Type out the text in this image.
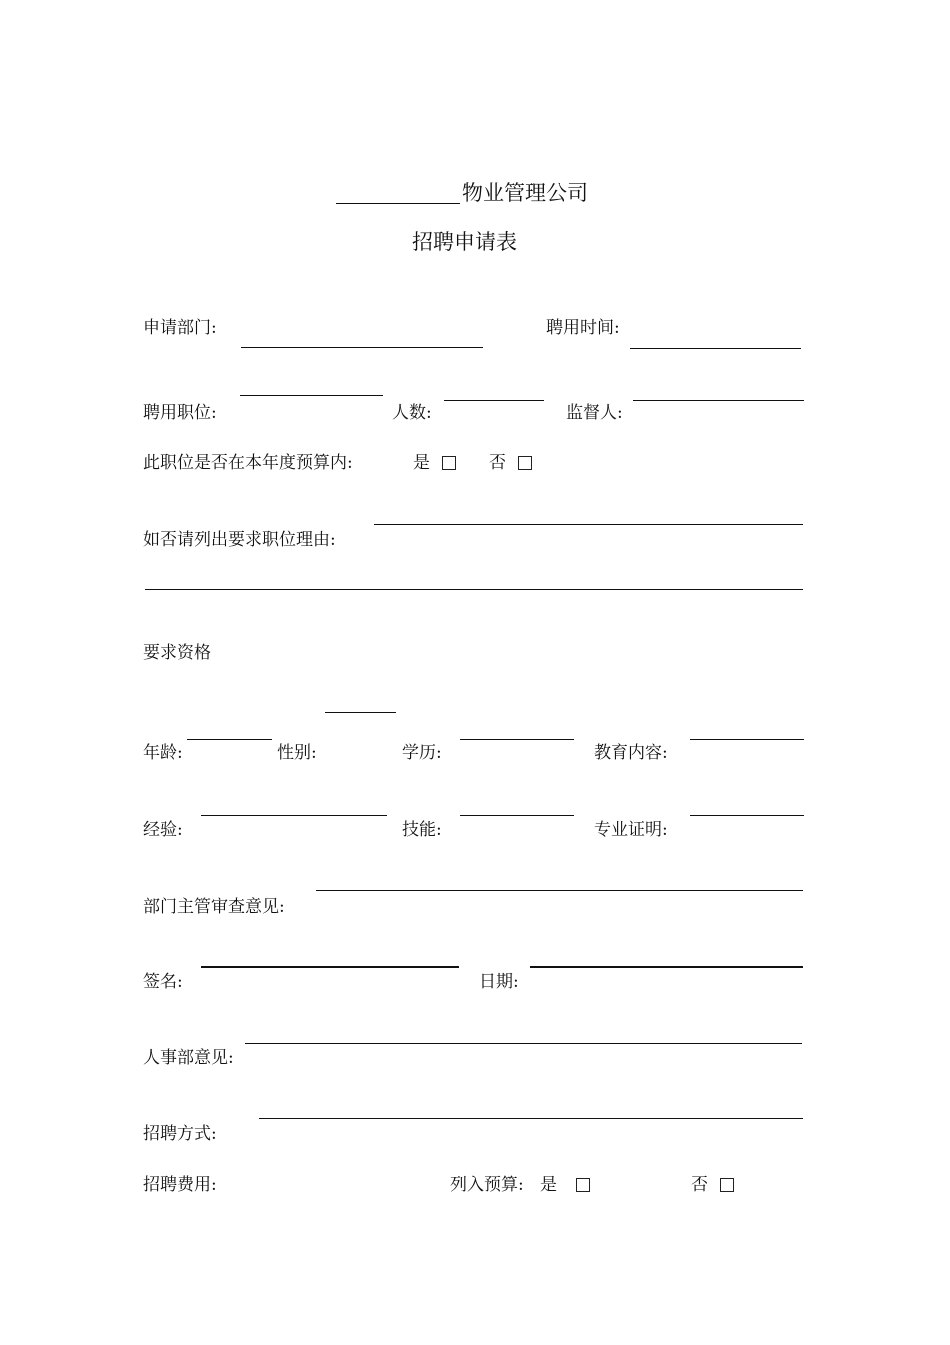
物业管理公司
招聘申请表
申请部门:	聘用时间:
聘用职位:	人数:	监督人:
此职位是否在本年度预算内:	是	否
如否请列出要求职位理由:
要求资格
年龄:	性别:	学历:	教育内容:
经验:	技能:	专业证明:
部门主管审查意见:
签名:	日期:
人事部意见:
招聘方式:
招聘费用:	列入预算: 是	否
